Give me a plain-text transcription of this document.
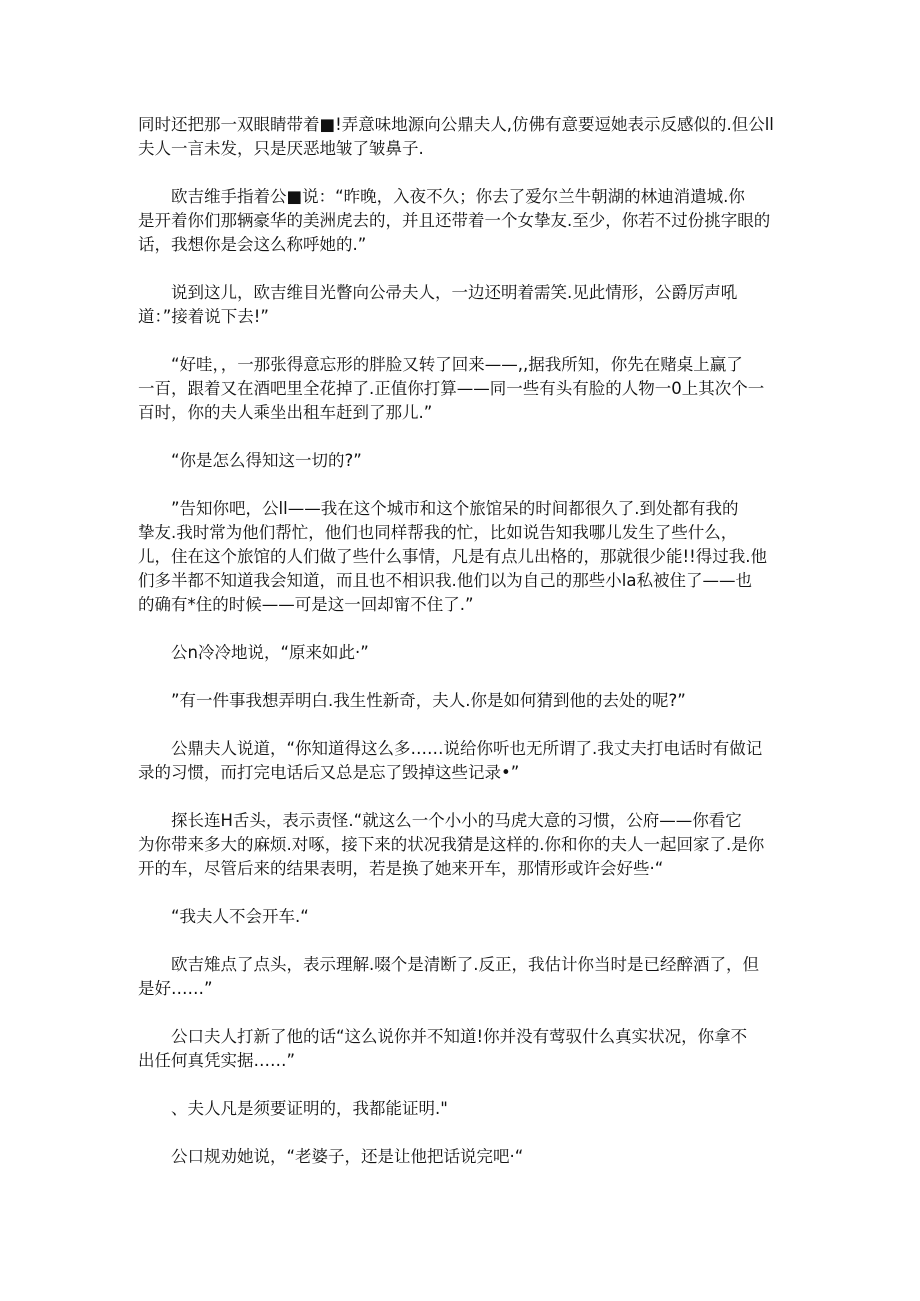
同时还把那一双眼睛带着■!弄意味地源向公鼎夫人,仿佛有意要逗她表示反感似的.但公ll
夫人一言未发，只是厌恶地皱了皱鼻子.
　　欧吉维手指着公■说：“昨晚，入夜不久；你去了爱尔兰牛朝湖的林迪消遣城.你
是开着你们那辆豪华的美洲虎去的，并且还带着一个女挚友.至少，你若不过份挑字眼的
话，我想你是会这么称呼她的.”
　　说到这儿，欧吉维目光瞥向公帚夫人，一边还明着需笑.见此情形，公爵厉声吼
道：”接着说下去!”
　　“好哇，，一那张得意忘形的胖脸又转了回来——,,据我所知，你先在赌桌上赢了
一百，跟着又在酒吧里全花掉了.正值你打算——同一些有头有脸的人物一0上其次个一
百时，你的夫人乘坐出租车赶到了那儿.”
　　“你是怎么得知这一切的?”
　　”告知你吧，公ll——我在这个城市和这个旅馆呆的时间都很久了.到处都有我的
挚友.我时常为他们帮忙，他们也同样帮我的忙，比如说告知我哪儿发生了些什么，
儿，住在这个旅馆的人们做了些什么事情，凡是有点儿出格的，那就很少能!!得过我.他
们多半都不知道我会知道，而且也不相识我.他们以为自己的那些小la私被住了——也
的确有*住的时候——可是这一回却甯不住了.”
　　公n冷冷地说，“原来如此·”
　　”有一件事我想弄明白.我生性新奇，夫人.你是如何猜到他的去处的呢?”
　　公鼎夫人说道，“你知道得这么多……说给你听也无所谓了.我丈夫打电话时有做记
录的习惯，而打完电话后又总是忘了毁掉这些记录•”
　　探长连H舌头，表示责怪.“就这么一个小小的马虎大意的习惯，公府——你看它
为你带来多大的麻烦.对啄，接下来的状况我猜是这样的.你和你的夫人一起回家了.是你
开的车，尽管后来的结果表明，若是换了她来开车，那情形或许会好些·“
　　“我夫人不会开车.“
　　欧吉雉点了点头，表示理解.啜个是清断了.反正，我估计你当时是已经醉酒了，但
是好……”
　　公口夫人打新了他的话“这么说你并不知道!你并没有莺驭什么真实状况，你拿不
出任何真凭实据……”
　　、夫人凡是须要证明的，我都能证明."
　　公口规劝她说，“老婆子，还是让他把话说完吧·“
